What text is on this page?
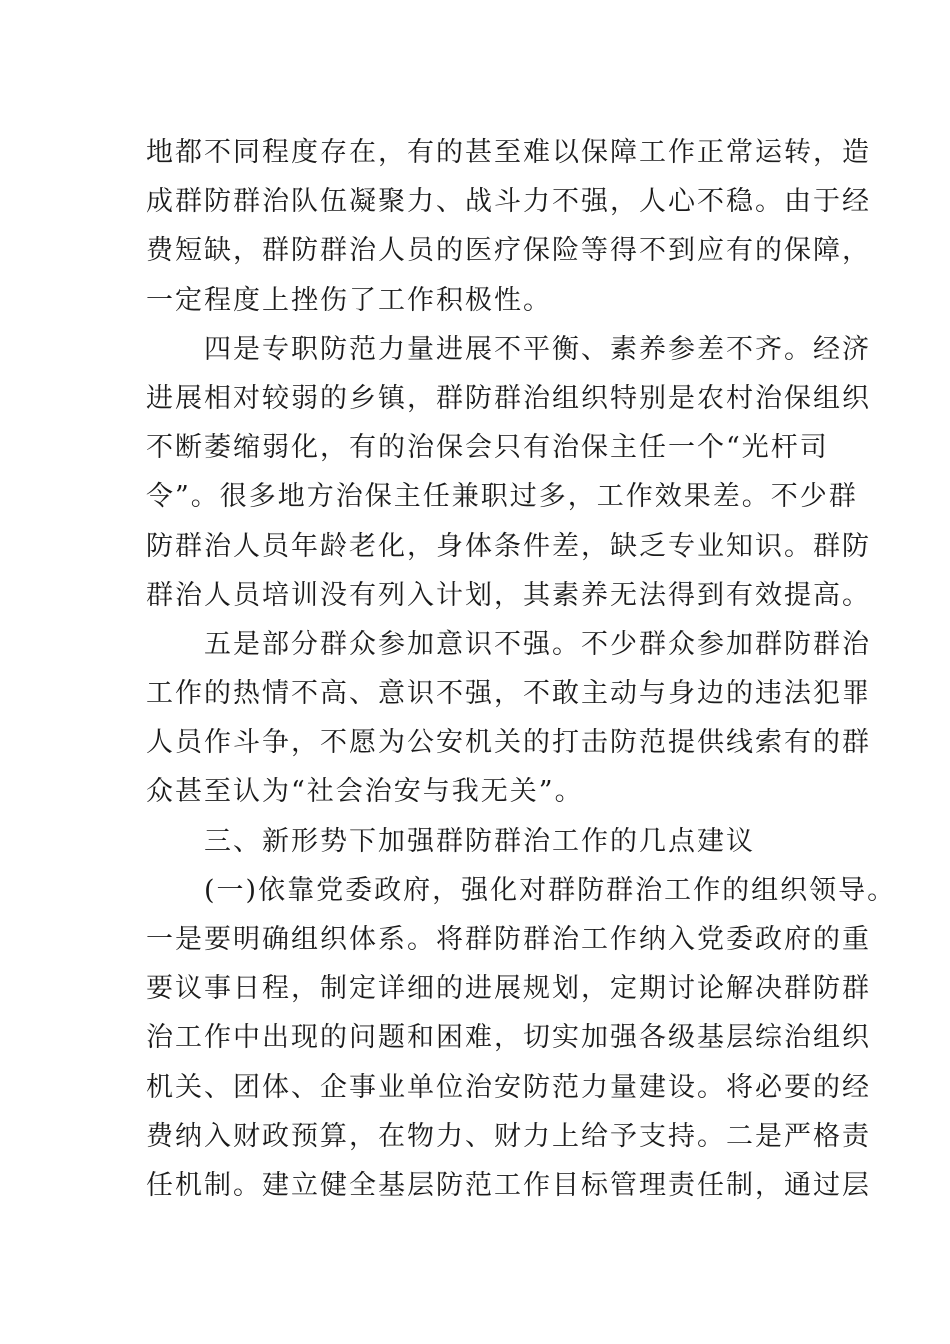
地都不同程度存在，有的甚至难以保障工作正常运转，造
成群防群治队伍凝聚力、战斗力不强，人心不稳。由于经
费短缺，群防群治人员的医疗保险等得不到应有的保障，
一定程度上挫伤了工作积极性。
　　四是专职防范力量进展不平衡、素养参差不齐。经济
进展相对较弱的乡镇，群防群治组织特别是农村治保组织
不断萎缩弱化，有的治保会只有治保主任一个“光杆司
令”。很多地方治保主任兼职过多，工作效果差。不少群
防群治人员年龄老化，身体条件差，缺乏专业知识。群防
群治人员培训没有列入计划，其素养无法得到有效提高。
　　五是部分群众参加意识不强。不少群众参加群防群治
工作的热情不高、意识不强，不敢主动与身边的违法犯罪
人员作斗争，不愿为公安机关的打击防范提供线索有的群
众甚至认为“社会治安与我无关”。
　　三、新形势下加强群防群治工作的几点建议
　　(一)依靠党委政府，强化对群防群治工作的组织领导。
一是要明确组织体系。将群防群治工作纳入党委政府的重
要议事日程，制定详细的进展规划，定期讨论解决群防群
治工作中出现的问题和困难，切实加强各级基层综治组织
机关、团体、企事业单位治安防范力量建设。将必要的经
费纳入财政预算，在物力、财力上给予支持。二是严格责
任机制。建立健全基层防范工作目标管理责任制，通过层
